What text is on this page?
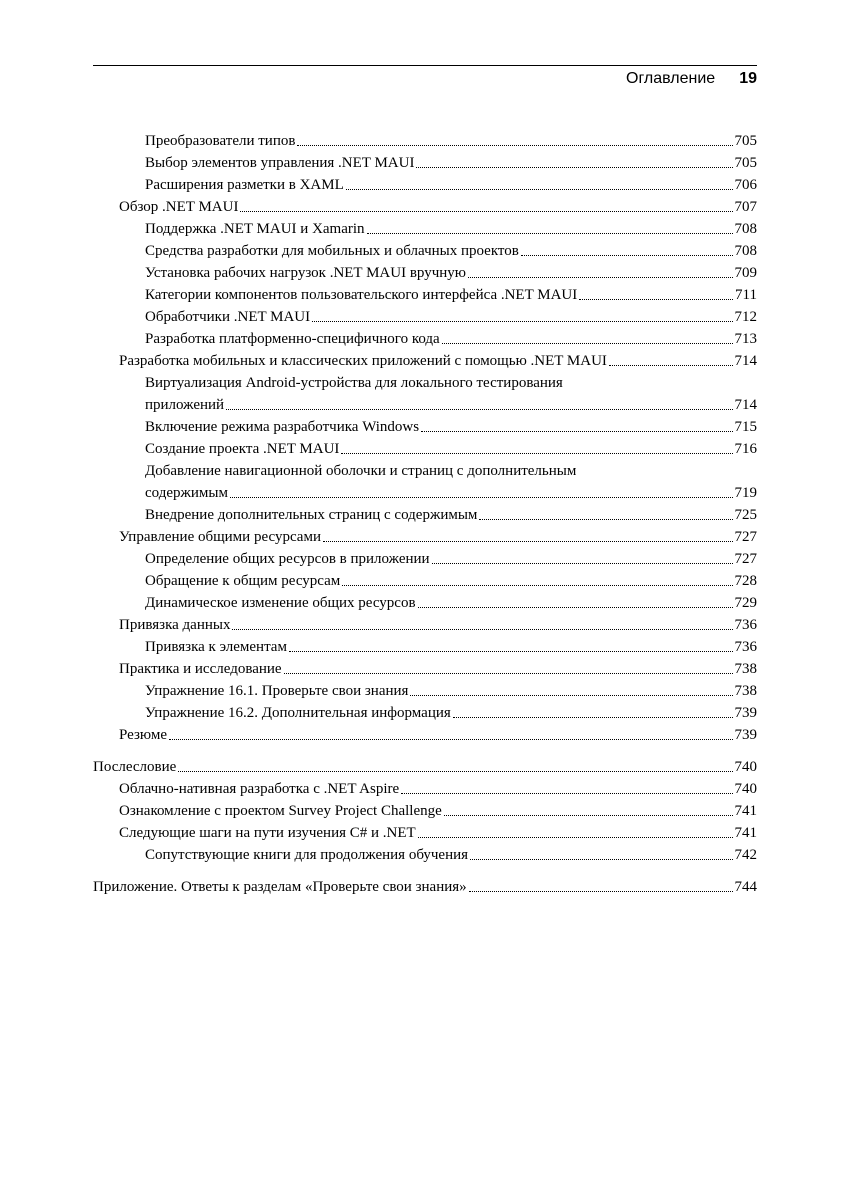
Оглавление 19
Преобразователи типов	705
Выбор элементов управления .NET MAUI	705
Расширения разметки в XAML	706
Обзор .NET MAUI	707
Поддержка .NET MAUI и Xamarin	708
Средства разработки для мобильных и облачных проектов	708
Установка рабочих нагрузок .NET MAUI вручную	709
Категории компонентов пользовательского интерфейса .NET MAUI	711
Обработчики .NET MAUI	712
Разработка платформенно-специфичного кода	713
Разработка мобильных и классических приложений с помощью .NET MAUI	714
Виртуализация Android-устройства для локального тестирования
приложений	714
Включение режима разработчика Windows	715
Создание проекта .NET MAUI	716
Добавление навигационной оболочки и страниц с дополнительным
содержимым	719
Внедрение дополнительных страниц с содержимым	725
Управление общими ресурсами	727
Определение общих ресурсов в приложении	727
Обращение к общим ресурсам	728
Динамическое изменение общих ресурсов	729
Привязка данных	736
Привязка к элементам	736
Практика и исследование	738
Упражнение 16.1. Проверьте свои знания	738
Упражнение 16.2. Дополнительная информация	739
Резюме	739
Послесловие	740
Облачно-нативная разработка с .NET Aspire	740
Ознакомление с проектом Survey Project Challenge	741
Следующие шаги на пути изучения C# и .NET	741
Сопутствующие книги для продолжения обучения	742
Приложение. Ответы к разделам «Проверьте свои знания»	744
